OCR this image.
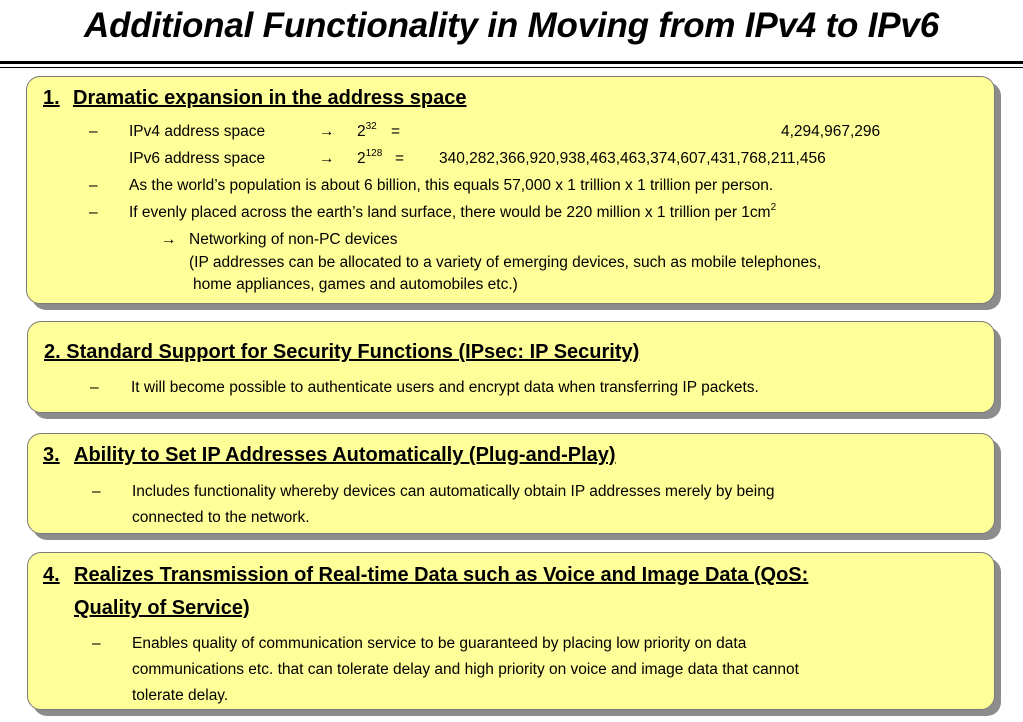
Additional Functionality in Moving from IPv4 to IPv6
1. Dramatic expansion in the address space
– IPv4 address space	→ $2^{32}$ =	4,294,967,296
IPv6 address space	→ $2^{128} = 340,282,366,920,938,463,463,374,607,431,768,211,456$
– As the world’s population is about 6 billion, this equals 57,000 x 1 trillion x 1 trillion per person.
– If evenly placed across the earth’s land surface, there would be 220 million x 1 trillion per $1cm^2$
→ Networking of non-PC devices
(IP addresses can be allocated to a variety of emerging devices, such as mobile telephones,
home appliances, games and automobiles etc.)
2. Standard Support for Security Functions (IPsec: IP Security)
– It will become possible to authenticate users and encrypt data when transferring IP packets.
3. Ability to Set IP Addresses Automatically (Plug-and-Play)
– Includes functionality whereby devices can automatically obtain IP addresses merely by being
connected to the network.
4. Realizes Transmission of Real-time Data such as Voice and Image Data (QoS:
Quality of Service)
– Enables quality of communication service to be guaranteed by placing low priority on data
communications etc. that can tolerate delay and high priority on voice and image data that cannot
tolerate delay.
